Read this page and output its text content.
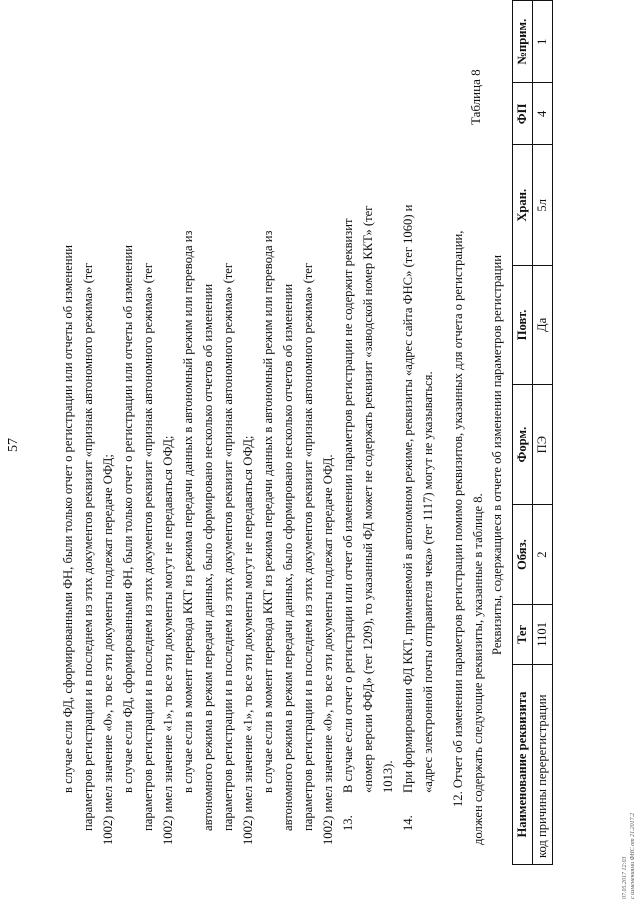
57	в случае если ФД, сформированными ФН, были только отчет о регистрации или отчеты об изменении параметров регистрации и в последнем из этих документов реквизит «признак автономного режима» (тег 1002) имел значение «0», то все эти документы подлежат передаче ОФД; в случае если ФД, сформированными ФН, были только отчет о регистрации или отчеты об изменении параметров регистрации и в последнем из этих документов реквизит «признак автономного режима» (тег 1002) имел значение «1», то все эти документы могут не передаваться ОФД; в случае если в момент перевода ККТ из режима передачи данных в автономный режим или перевода из автономного режима в режим передачи данных, было сформировано несколько отчетов об изменении параметров регистрации и в последнем из этих документов реквизит «признак автономного режима» (тег 1002) имел значение «1», то все эти документы могут не передаваться ОФД; в случае если в момент перевода ККТ из режима передачи данных в автономный режим или перевода из автономного режима в режим передачи данных, было сформировано несколько отчетов об изменении параметров регистрации и в последнем из этих документов реквизит «признак автономного режима» (тег 1002) имел значение «0», то все эти документы подлежат передаче ОФД. 13.
В случае если отчет о регистрации или отчет об изменении параметров регистрации не содержит реквизит «номер версии ФФД» (тег 1209), то указанный ФД может не содержать реквизит «заводской номер ККТ» (тег 1013).
14.
При формировании ФД ККТ, применяемой в автономном режиме, реквизиты «адрес сайта ФНС» (тег 1060) и «адрес электронной почты отправителя чека» (тег 1117) могут не указываться. 12. Отчет об изменении параметров регистрации помимо реквизитов, указанных для отчета о регистрации, должен содержать следующие реквизиты, указанные в таблице 8.
Таблица 8
Реквизиты, содержащиеся в отчете об изменении параметров регистрации
Наименование реквизита	Тег	Обяз.	Форм.	Повт.	Хран.	ФП	№прим.
код причины перерегистрации	1101	2	ПЭ	Да	5л	4	1
07.05.2017 12:03 с изменениями ФНС от 21.2017.2
